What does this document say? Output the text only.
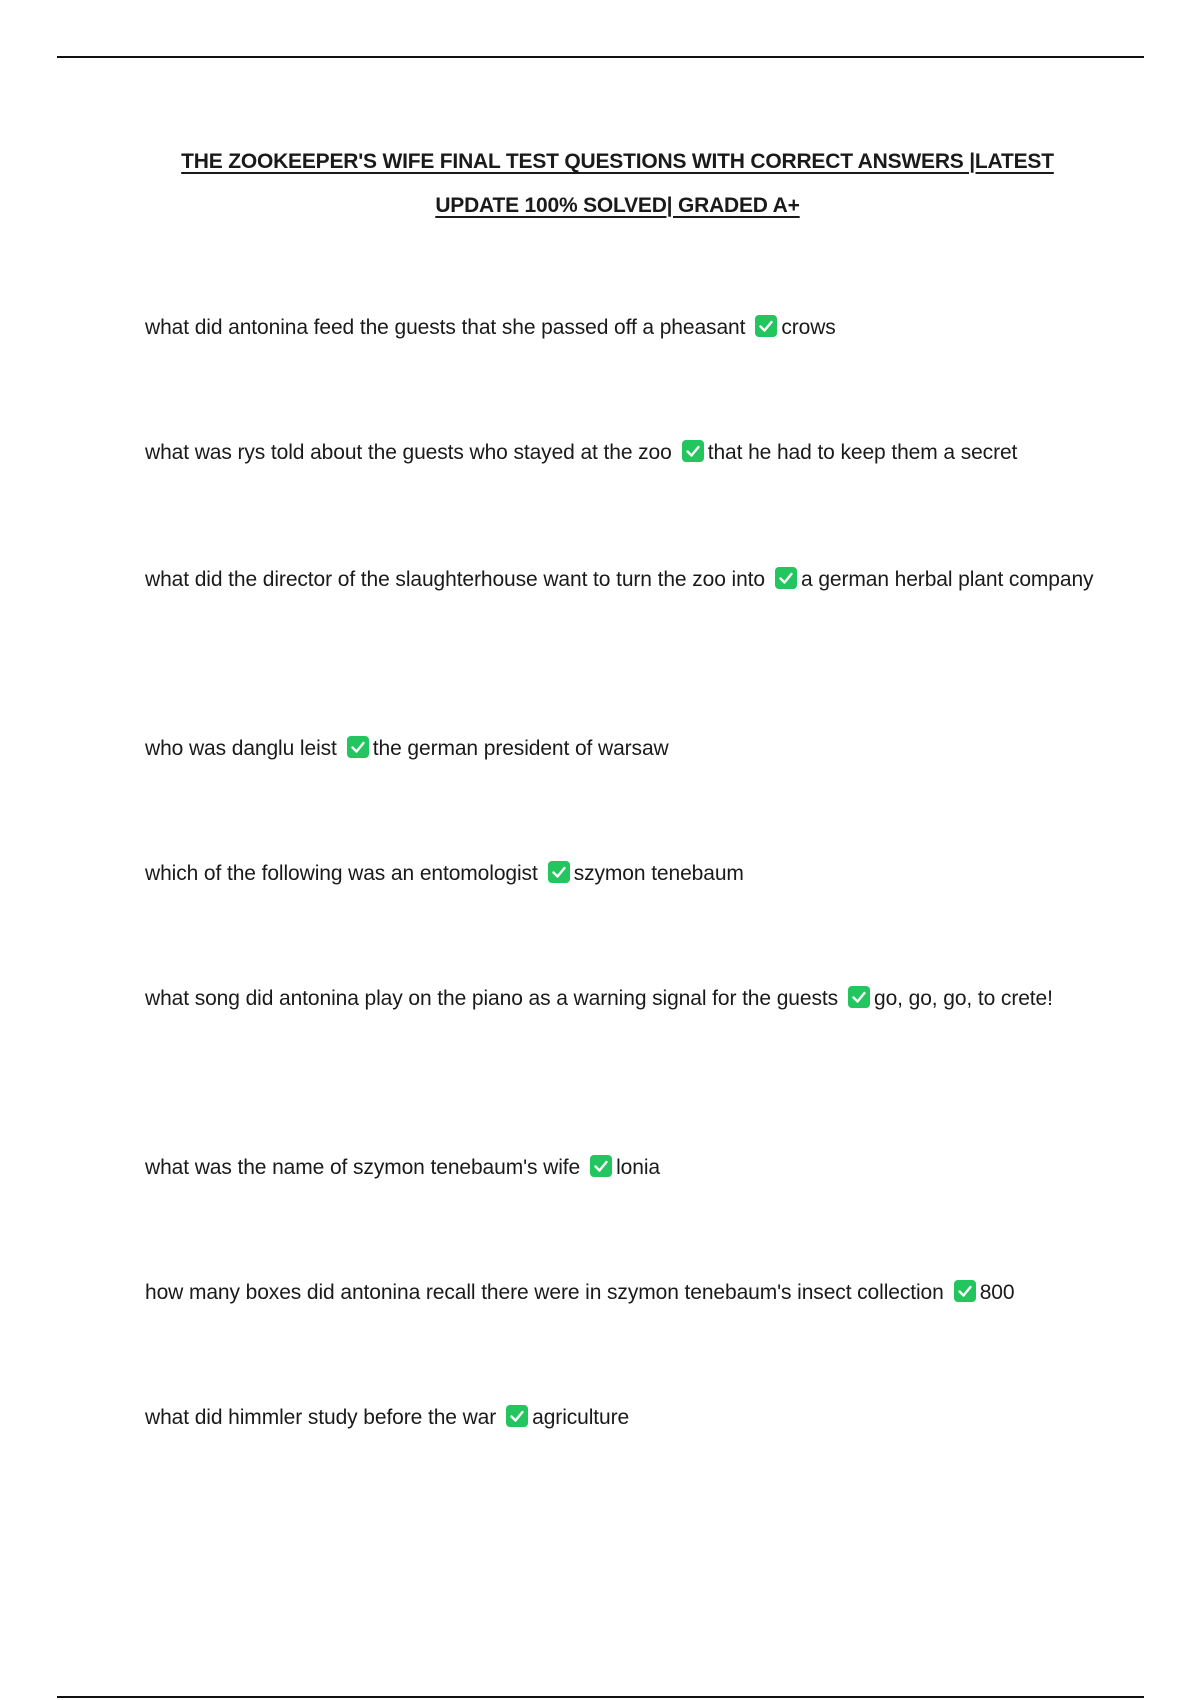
THE ZOOKEEPER'S WIFE FINAL TEST QUESTIONS WITH CORRECT ANSWERS |LATEST UPDATE 100% SOLVED| GRADED A+
what did antonina feed the guests that she passed off a pheasant crows
what was rys told about the guests who stayed at the zoo that he had to keep them a secret
what did the director of the slaughterhouse want to turn the zoo into a german herbal plant company
who was danglu leist the german president of warsaw
which of the following was an entomologist szymon tenebaum
what song did antonina play on the piano as a warning signal for the guests go, go, go, to crete!
what was the name of szymon tenebaum's wife lonia
how many boxes did antonina recall there were in szymon tenebaum's insect collection 800
what did himmler study before the war agriculture
